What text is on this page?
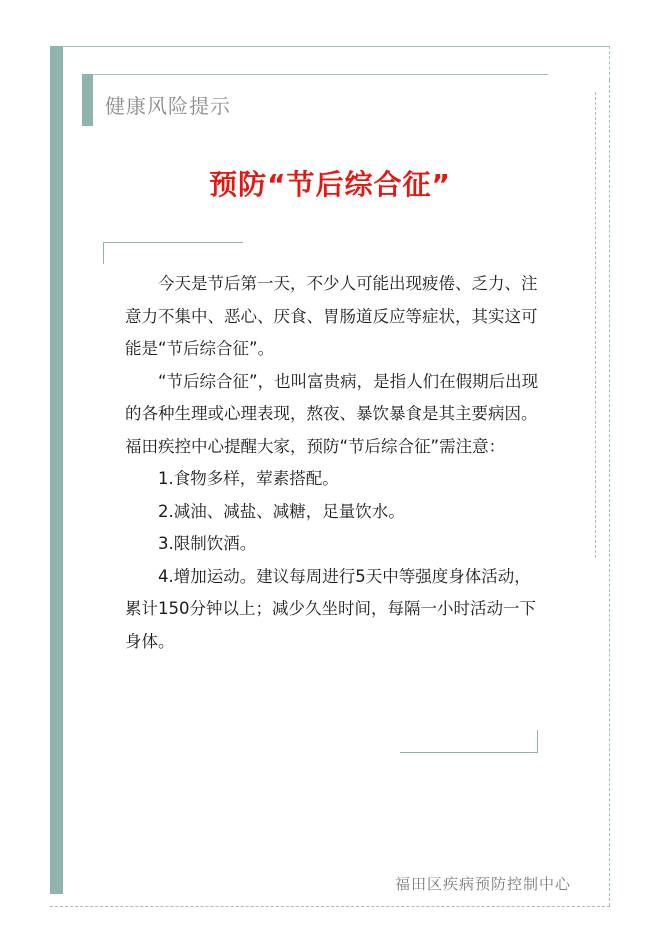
健康风险提示
预防“节后综合征”

今天是节后第一天，不少人可能出现疲倦、乏力、注意力不集中、恶心、厌食、胃肠道反应等症状，其实这可能是“节后综合征”。

“节后综合征”，也叫富贵病，是指人们在假期后出现的各种生理或心理表现，熬夜、暴饮暴食是其主要病因。福田疾控中心提醒大家，预防“节后综合征”需注意：

1.食物多样，荤素搭配。

2.减油、减盐、减糖，足量饮水。

3.限制饮酒。

4.增加运动。建议每周进行5天中等强度身体活动，累计150分钟以上；减少久坐时间，每隔一小时活动一下身体。

福田区疾病预防控制中心
